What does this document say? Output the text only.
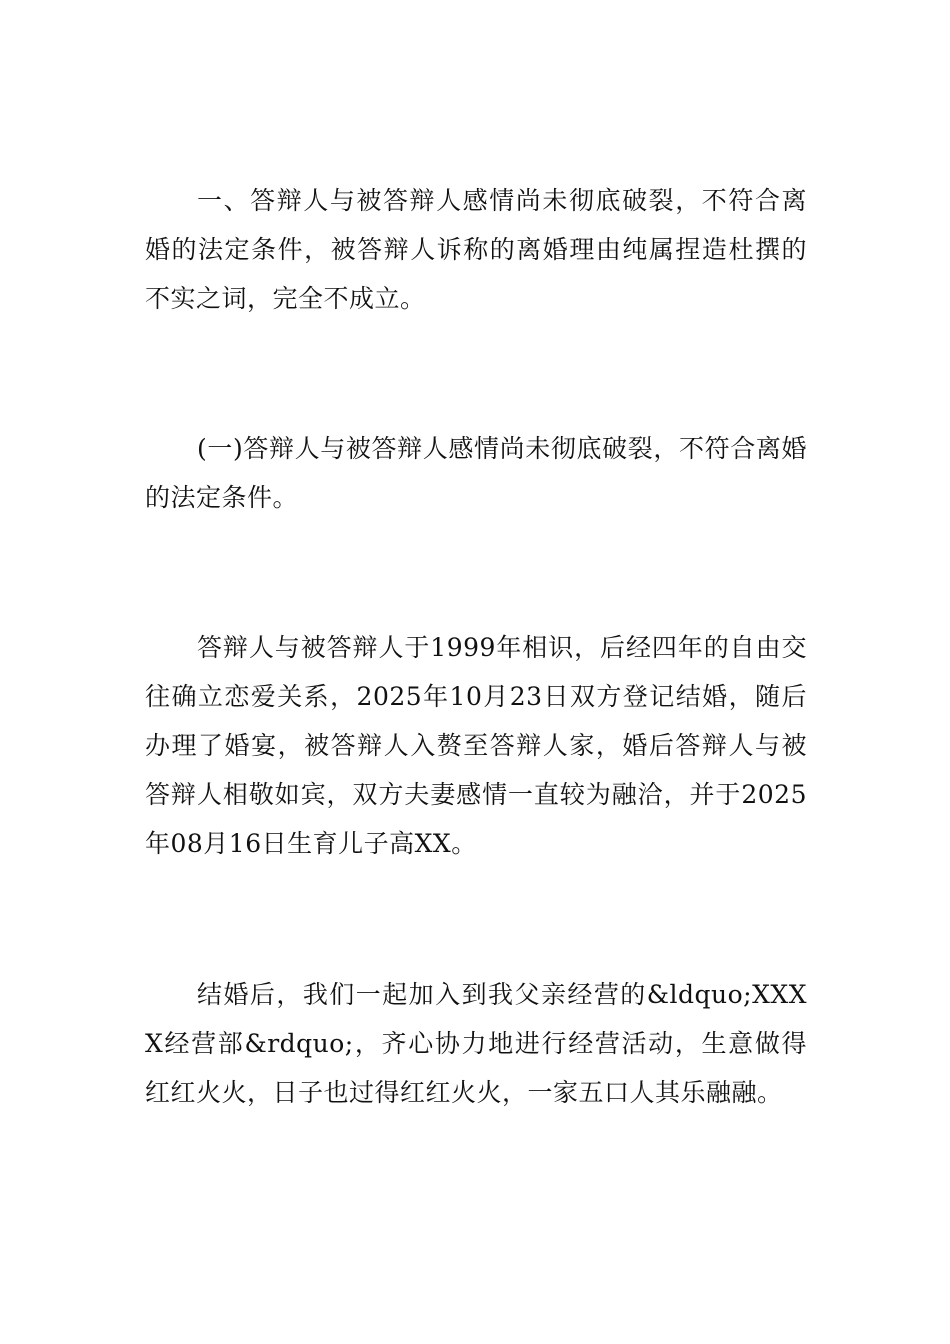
一、答辩人与被答辩人感情尚未彻底破裂，不符合离婚的法定条件，被答辩人诉称的离婚理由纯属捏造杜撰的不实之词，完全不成立。

(一)答辩人与被答辩人感情尚未彻底破裂，不符合离婚的法定条件。

答辩人与被答辩人于1999年相识，后经四年的自由交往确立恋爱关系，2025年10月23日双方登记结婚，随后办理了婚宴，被答辩人入赘至答辩人家，婚后答辩人与被答辩人相敬如宾，双方夫妻感情一直较为融洽，并于2025年08月16日生育儿子高XX。

结婚后，我们一起加入到我父亲经营的&ldquo;XXXX经营部&rdquo;，齐心协力地进行经营活动，生意做得红红火火，日子也过得红红火火，一家五口人其乐融融。
